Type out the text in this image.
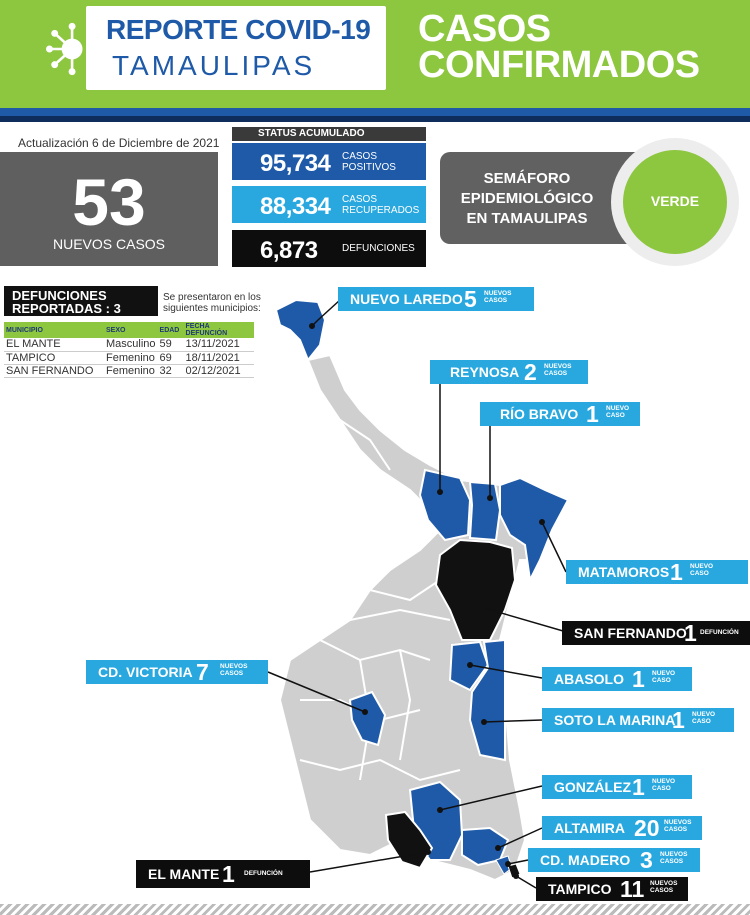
REPORTE COVID-19
TAMAULIPAS
CASOS
CONFIRMADOS
Actualización 6 de Diciembre de 2021
53
NUEVOS CASOS
STATUS ACUMULADO
95,734 CASOS
POSITIVOS
88,334 CASOS
RECUPERADOS
6,873 DEFUNCIONES
SEMÁFORO
EPIDEMIOLÓGICO
EN TAMAULIPAS
VERDE
DEFUNCIONES
REPORTADAS : 3
Se presentaron en los
siguientes municipios:
MUNICIPIO	SEXO	EDAD	FECHA DEFUNCIÓN
EL MANTE	Masculino	59	13/11/2021
TAMPICO	Femenino	69	18/11/2021
SAN FERNANDO	Femenino	32	02/12/2021
NUEVO LAREDO 5 NUEVOS
CASOS
REYNOSA 2 NUEVOS
CASOS
RÍO BRAVO 1 NUEVO
CASO
MATAMOROS 1 NUEVO
CASO
SAN FERNANDO
1 DEFUNCIÓN
CD. VICTORIA 7 NUEVOS
CASOS	ABASOLO 1 NUEVO
CASO
SOTO LA MARINA
1 NUEVO
CASO
GONZÁLEZ 1 NUEVO
CASO
ALTAMIRA 20 NUEVOS
CASOS
CD. MADERO 3 NUEVOS
CASOS
EL MANTE 1 DEFUNCIÓN
TAMPICO 11 NUEVOS
CASOS
